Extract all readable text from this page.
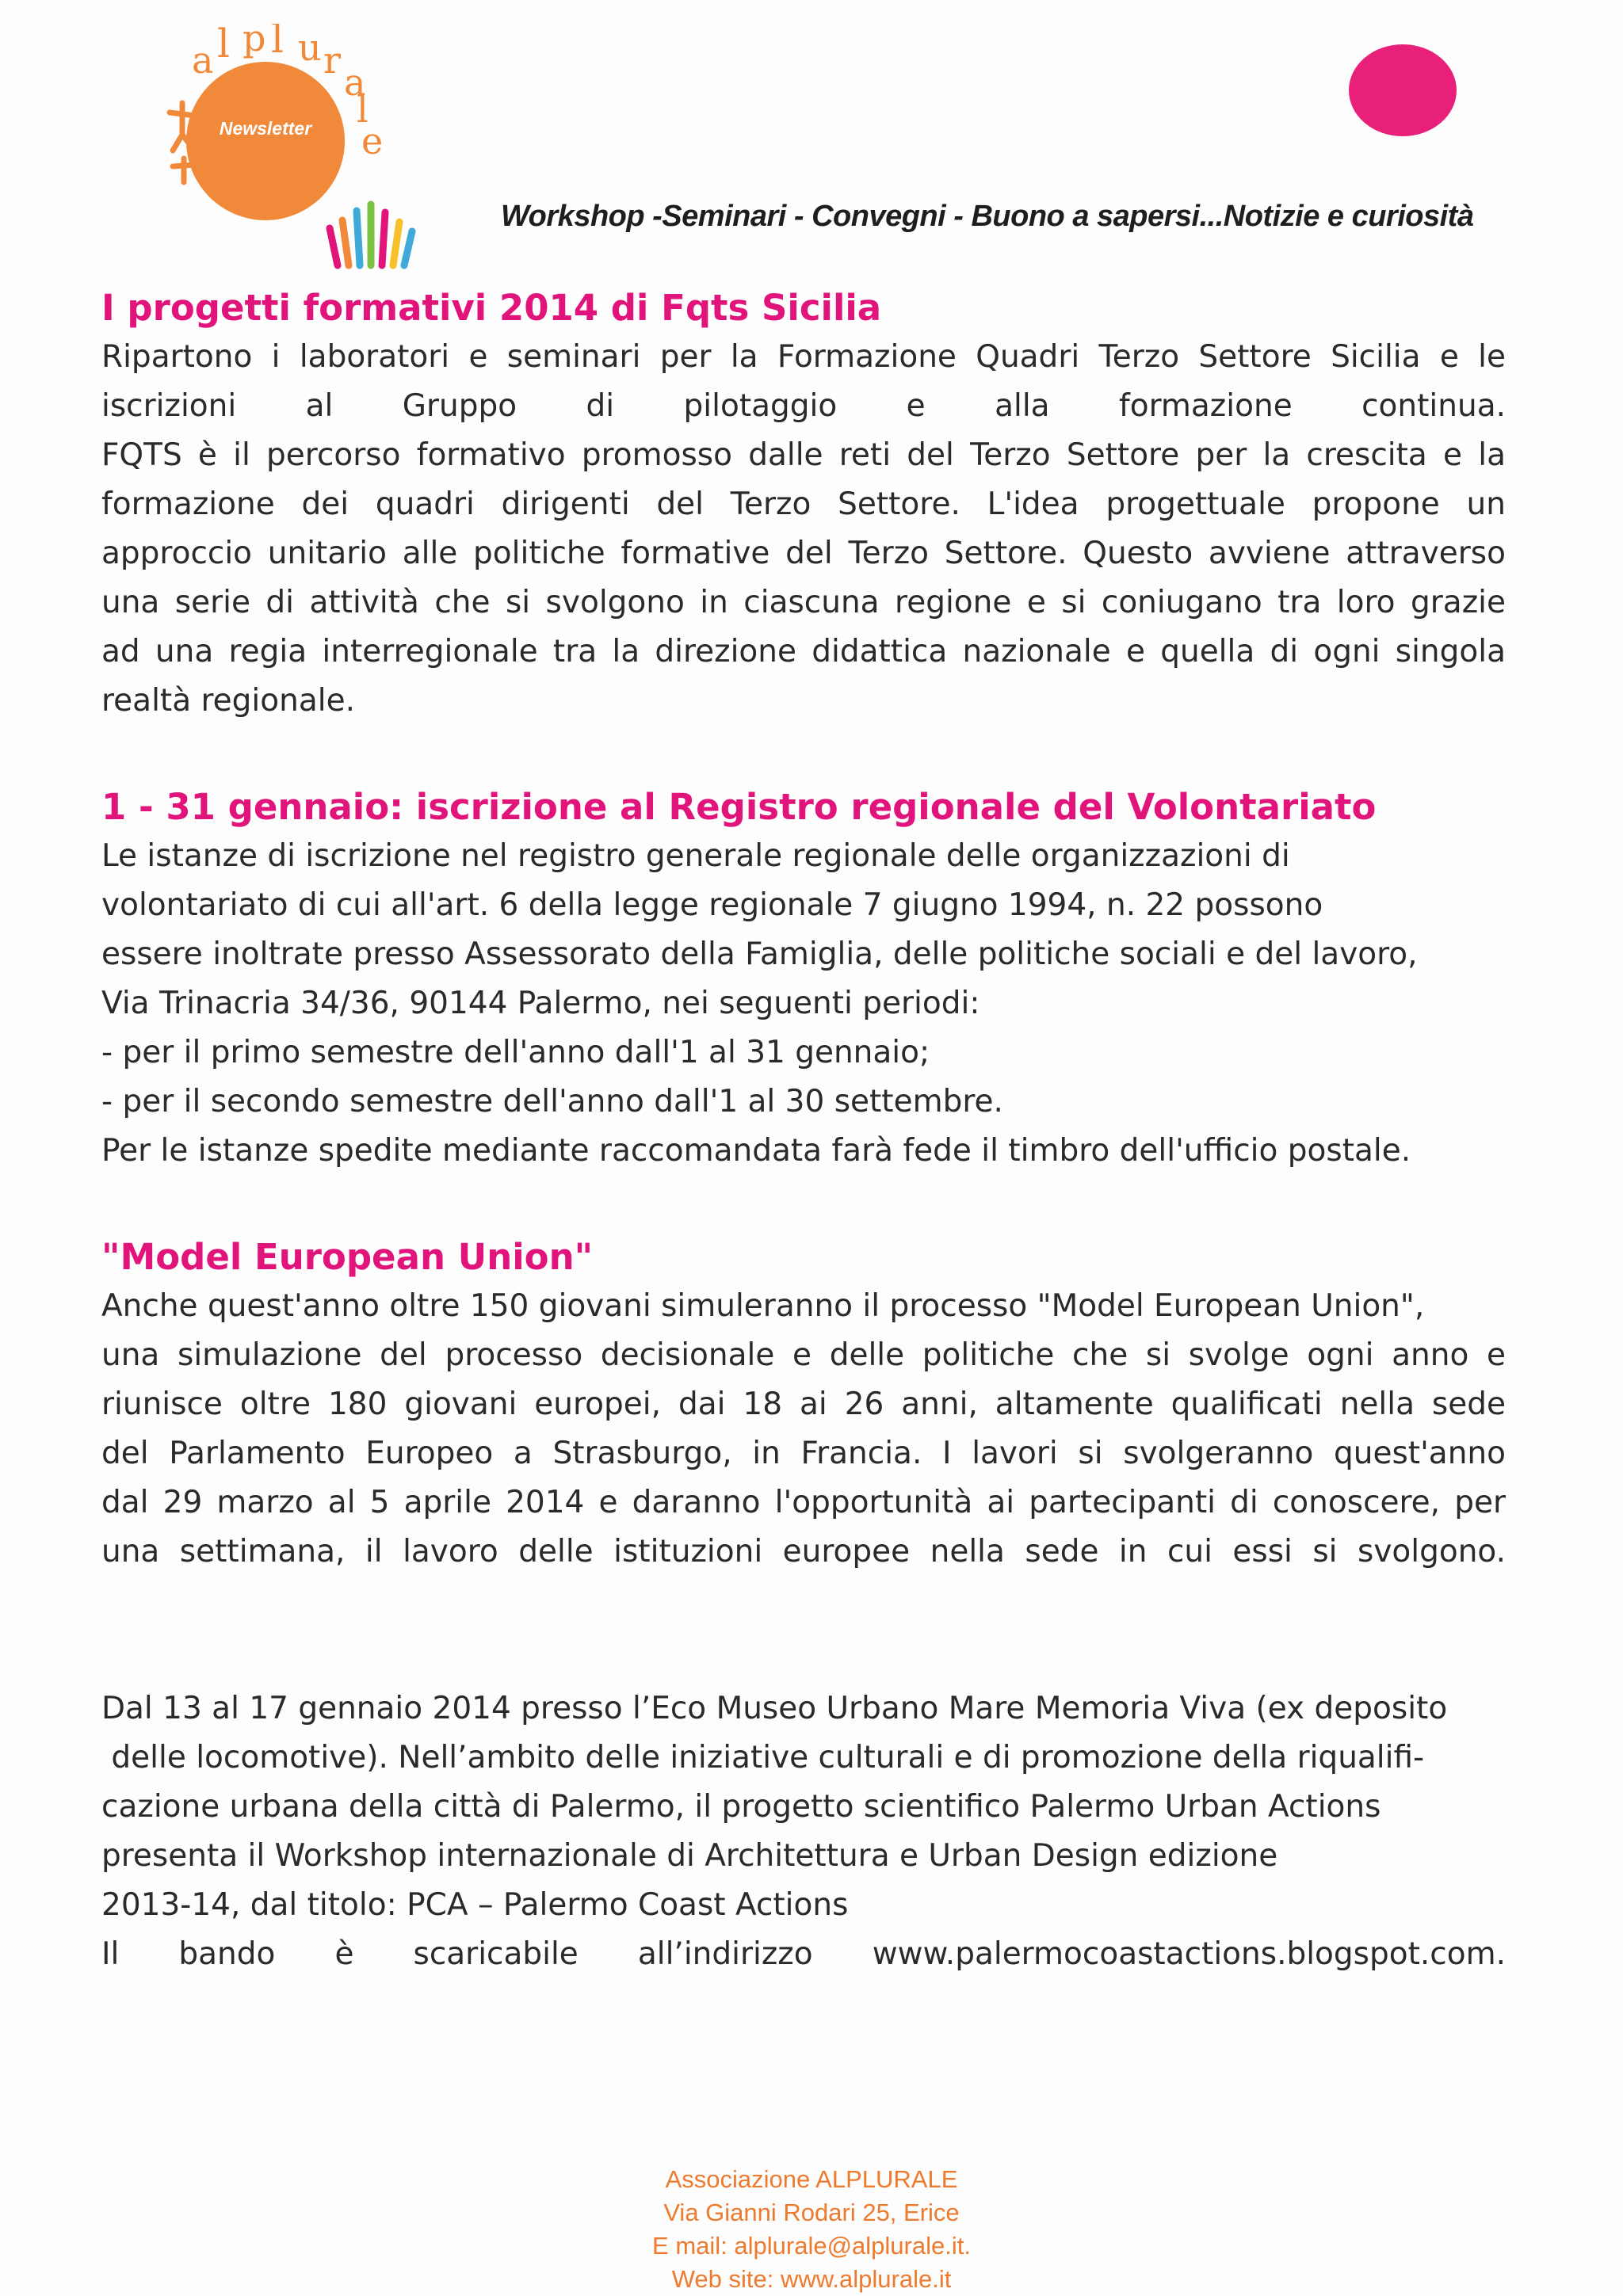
a l p l u r
a
l
e
Newsletter
Workshop -Seminari - Convegni - Buono a sapersi...Notizie e curiosità
I progetti formativi 2014 di Fqts Sicilia
Ripartono i laboratori e seminari per la Formazione Quadri Terzo Settore Sicilia e le
iscrizioni al Gruppo di pilotaggio e alla formazione continua.
FQTS è il percorso formativo promosso dalle reti del Terzo Settore per la crescita e la
formazione dei quadri dirigenti del Terzo Settore. L'idea progettuale propone un
approccio unitario alle politiche formative del Terzo Settore. Questo avviene attraverso
una serie di attività che si svolgono in ciascuna regione e si coniugano tra loro grazie
ad una regia interregionale tra la direzione didattica nazionale e quella di ogni singola
realtà regionale.
1 - 31 gennaio: iscrizione al Registro regionale del Volontariato
Le istanze di iscrizione nel registro generale regionale delle organizzazioni di
volontariato di cui all'art. 6 della legge regionale 7 giugno 1994, n. 22 possono
essere inoltrate presso Assessorato della Famiglia, delle politiche sociali e del lavoro,
Via Trinacria 34/36, 90144 Palermo, nei seguenti periodi:
- per il primo semestre dell'anno dall'1 al 31 gennaio;
- per il secondo semestre dell'anno dall'1 al 30 settembre.
Per le istanze spedite mediante raccomandata farà fede il timbro dell'ufficio postale.
"Model European Union"
Anche quest'anno oltre 150 giovani simuleranno il processo "Model European Union",
una simulazione del processo decisionale e delle politiche che si svolge ogni anno e
riunisce oltre 180 giovani europei, dai 18 ai 26 anni, altamente qualificati nella sede
del Parlamento Europeo a Strasburgo, in Francia. I lavori si svolgeranno quest'anno
dal 29 marzo al 5 aprile 2014 e daranno l'opportunità ai partecipanti di conoscere, per
una settimana, il lavoro delle istituzioni europee nella sede in cui essi si svolgono.
Dal 13 al 17 gennaio 2014 presso l’Eco Museo Urbano Mare Memoria Viva (ex deposito
delle locomotive). Nell’ambito delle iniziative culturali e di promozione della riqualifi-
cazione urbana della città di Palermo, il progetto scientifico Palermo Urban Actions
presenta il Workshop internazionale di Architettura e Urban Design edizione
2013-14, dal titolo: PCA – Palermo Coast Actions
Il bando è scaricabile all’indirizzo www.palermocoastactions.blogspot.com.
Associazione ALPLURALE
Via Gianni Rodari 25, Erice
E mail: alplurale@alplurale.it.
Web site: www.alplurale.it
